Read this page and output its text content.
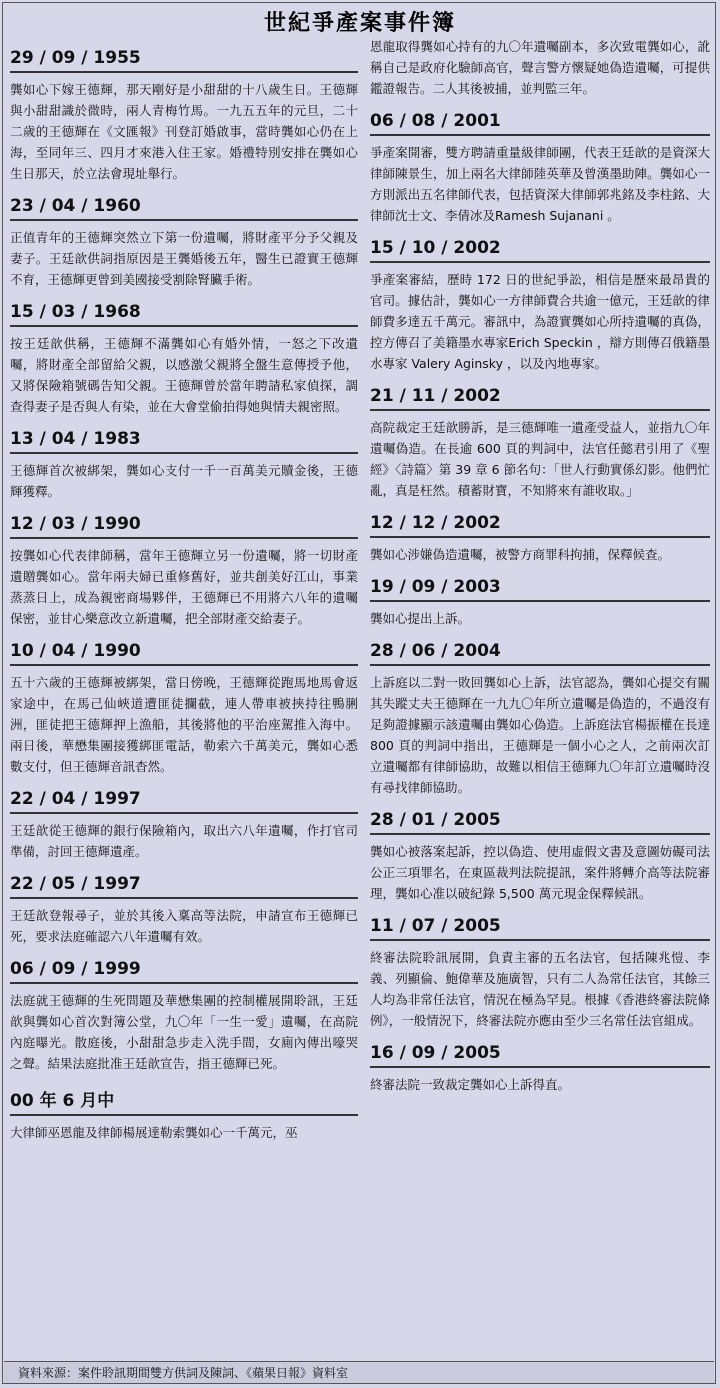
世紀爭產案事件簿
29 / 09 / 1955
龔如心下嫁王德輝，那天剛好是小甜甜的十八歲生日。王德輝與小甜甜識於微時，兩人青梅竹馬。一九五五年的元旦，二十二歲的王德輝在《文匯報》刊登訂婚啟事，當時龔如心仍在上海，至同年三、四月才來港入住王家。婚禮特別安排在龔如心生日那天，於立法會現址舉行。
23 / 04 / 1960
正值青年的王德輝突然立下第一份遺囑，將財產平分予父親及妻子。王廷歆供詞指原因是王龔婚後五年，醫生已證實王德輝不育，王德輝更曾到美國接受割除腎臟手術。
15 / 03 / 1968
按王廷歆供稱，王德輝不滿龔如心有婚外情，一怒之下改遺囑，將財產全部留給父親，以感激父親將全盤生意傳授予他，又將保險箱號碼告知父親。王德輝曾於當年聘請私家偵探，調查得妻子是否與人有染，並在大會堂偷拍得她與情夫親密照。
13 / 04 / 1983
王德輝首次被綁架，龔如心支付一千一百萬美元贖金後，王德輝獲釋。
12 / 03 / 1990
按龔如心代表律師稱，當年王德輝立另一份遺囑，將一切財產遺贈龔如心。當年兩夫婦已重修舊好，並共創美好江山，事業蒸蒸日上，成為親密商場夥伴，王德輝已不用將六八年的遺囑保密，並甘心樂意改立新遺囑，把全部財產交給妻子。
10 / 04 / 1990
五十六歲的王德輝被綁架，當日傍晚，王德輝從跑馬地馬會返家途中，在馬己仙峽道遭匪徒攔截，連人帶車被挾持往鴨脷洲，匪徒把王德輝押上漁船，其後將他的平治座駕推入海中。兩日後，華懋集團接獲綁匪電話，勒索六千萬美元，龔如心悉數支付，但王德輝音訊杳然。
22 / 04 / 1997
王廷歆從王德輝的銀行保險箱內，取出六八年遺囑，作打官司準備，討回王德輝遺產。
22 / 05 / 1997
王廷歆登報尋子，並於其後入稟高等法院，申請宣布王德輝已死，要求法庭確認六八年遺囑有效。
06 / 09 / 1999
法庭就王德輝的生死問題及華懋集團的控制權展開聆訊，王廷歆與龔如心首次對簿公堂，九〇年「一生一愛」遺囑，在高院內庭曝光。散庭後，小甜甜急步走入洗手間，女廁內傳出嚎哭之聲。結果法庭批准王廷歆宣告，指王德輝已死。
00 年 6 月中
大律師巫恩龍及律師楊展達勒索龔如心一千萬元，巫
恩龍取得龔如心持有的九〇年遺囑副本，多次致電龔如心，訛稱自己是政府化驗師高官，聲言警方懷疑她偽造遺囑，可提供鑑證報告。二人其後被捕，並判監三年。
06 / 08 / 2001
爭產案開審，雙方聘請重量級律師團，代表王廷歆的是資深大律師陳景生，加上兩名大律師陸英華及曾漢墨助陣。龔如心一方則派出五名律師代表，包括資深大律師郭兆銘及李柱銘、大律師沈士文、李倩冰及Ramesh Sujanani 。
15 / 10 / 2002
爭產案審結，歷時 172 日的世紀爭訟，相信是歷來最昂貴的官司。據估計，龔如心一方律師費合共逾一億元，王廷歆的律師費多達五千萬元。審訊中，為證實龔如心所持遺囑的真偽，控方傳召了美籍墨水專家Erich Speckin ，辯方則傳召俄籍墨水專家 Valery Aginsky ，以及內地專家。
21 / 11 / 2002
高院裁定王廷歆勝訴，是三德輝唯一遺產受益人，並指九〇年遺囑偽造。在長逾 600 頁的判詞中，法官任懿君引用了《聖經》〈詩篇〉第 39 章 6 節名句：「世人行動實係幻影。他們忙亂，真是枉然。積蓄財寶，不知將來有誰收取。」
12 / 12 / 2002
龔如心涉嫌偽造遺囑，被警方商罪科拘捕，保釋候查。
19 / 09 / 2003
龔如心提出上訴。
28 / 06 / 2004
上訴庭以二對一敗回龔如心上訴，法官認為，龔如心提交有關其失蹤丈夫王德輝在一九九〇年所立遺囑是偽造的，不過沒有足夠證據顯示該遺囑由龔如心偽造。上訴庭法官楊振權在長達 800 頁的判詞中指出，王德輝是一個小心之人，之前兩次訂立遺囑都有律師協助，故難以相信王德輝九〇年訂立遺囑時沒有尋找律師協助。
28 / 01 / 2005
龔如心被落案起訴，控以偽造、使用虛假文書及意圖妨礙司法公正三項罪名，在東區裁判法院提訊，案件將轉介高等法院審理，龔如心准以破紀錄 5,500 萬元現金保釋候訊。
11 / 07 / 2005
終審法院聆訊展開，負責主審的五名法官，包括陳兆愷、李義、列顯倫、鮑偉華及施廣智，只有二人為常任法官，其餘三人均為非常任法官，情況在極為罕見。根據《香港終審法院條例》，一般情況下，終審法院亦應由至少三名常任法官組成。
16 / 09 / 2005
終審法院一致裁定龔如心上訴得直。
資料來源：案件聆訊期間雙方供詞及陳詞、《蘋果日報》資料室
